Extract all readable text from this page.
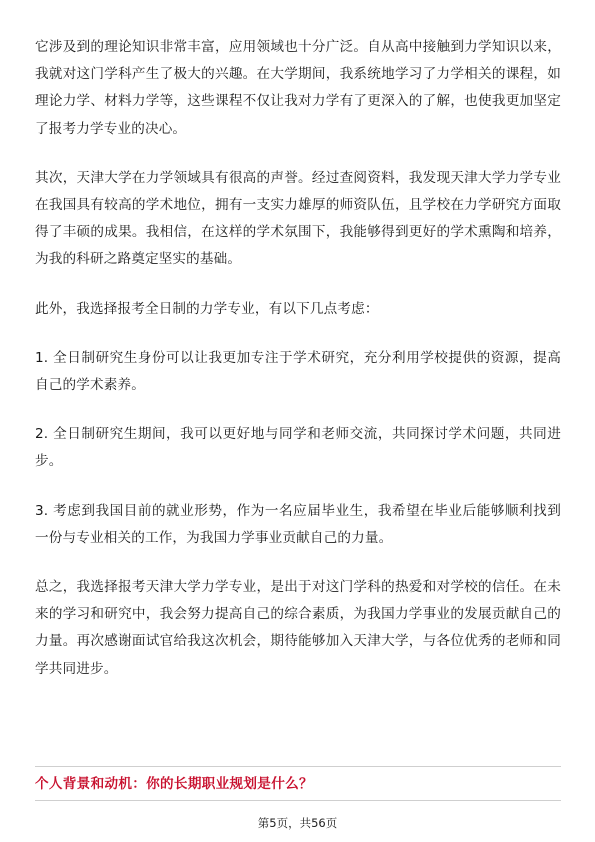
它涉及到的理论知识非常丰富，应用领域也十分广泛。自从高中接触到力学知识以来，我就对这门学科产生了极大的兴趣。在大学期间，我系统地学习了力学相关的课程，如理论力学、材料力学等，这些课程不仅让我对力学有了更深入的了解，也使我更加坚定了报考力学专业的决心。

其次，天津大学在力学领域具有很高的声誉。经过查阅资料，我发现天津大学力学专业在我国具有较高的学术地位，拥有一支实力雄厚的师资队伍，且学校在力学研究方面取得了丰硕的成果。我相信，在这样的学术氛围下，我能够得到更好的学术熏陶和培养，为我的科研之路奠定坚实的基础。

此外，我选择报考全日制的力学专业，有以下几点考虑：

1. 全日制研究生身份可以让我更加专注于学术研究，充分利用学校提供的资源，提高自己的学术素养。

2. 全日制研究生期间，我可以更好地与同学和老师交流，共同探讨学术问题，共同进步。

3. 考虑到我国目前的就业形势，作为一名应届毕业生，我希望在毕业后能够顺利找到一份与专业相关的工作，为我国力学事业贡献自己的力量。

总之，我选择报考天津大学力学专业，是出于对这门学科的热爱和对学校的信任。在未来的学习和研究中，我会努力提高自己的综合素质，为我国力学事业的发展贡献自己的力量。再次感谢面试官给我这次机会，期待能够加入天津大学，与各位优秀的老师和同学共同进步。

个人背景和动机：你的长期职业规划是什么？
第5页，共56页
